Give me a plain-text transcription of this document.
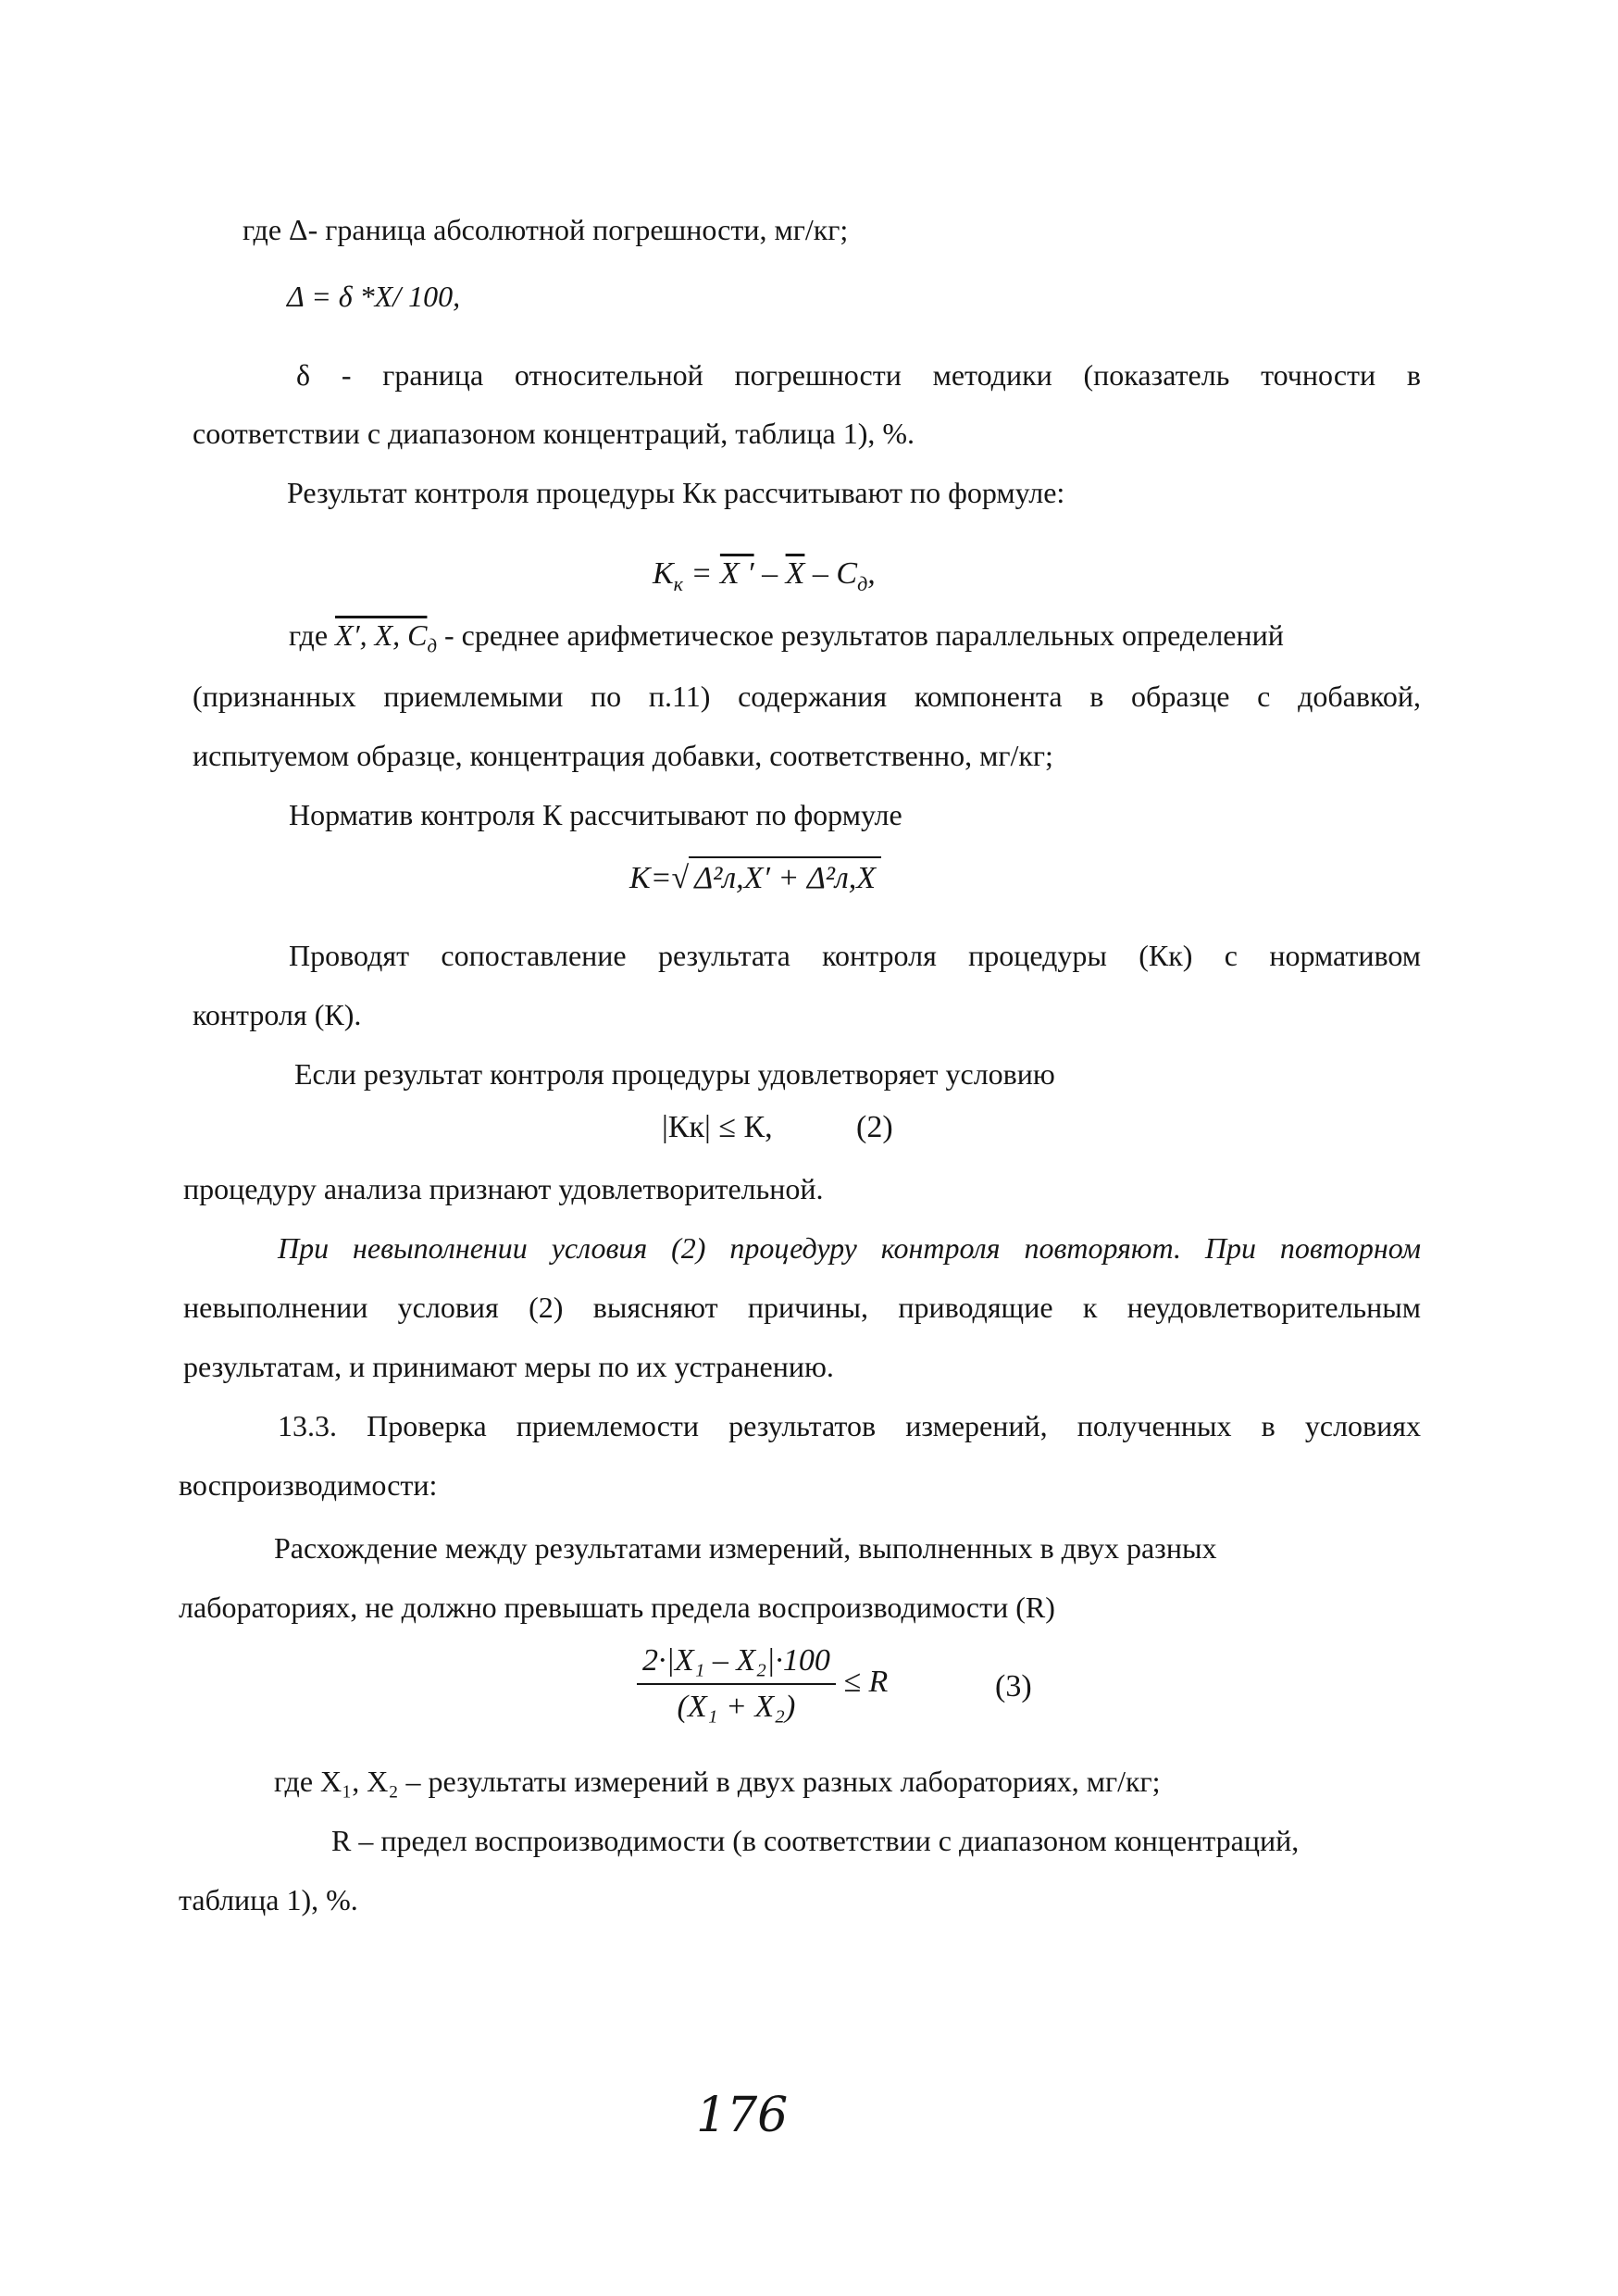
где Δ- граница абсолютной погрешности, мг/кг;
Δ = δ *X/ 100,
δ - граница относительной погрешности методики (показатель точности в
соответствии с диапазоном концентраций, таблица 1), %.
Результат контроля процедуры Кк рассчитывают по формуле:
$К_к = X$ ′ – $\overline{X} - C_д$,
где X′, X, $C_д$ - среднее арифметическое результатов параллельных определений
(признанных приемлемыми по п.11) содержания компонента в образце с добавкой,
испытуемом образце, концентрация добавки, соответственно, мг/кг;
Норматив контроля К рассчитывают по формуле
К=√ Δ²л,X′ + Δ²л,X
Проводят сопоставление результата контроля процедуры (Кк) с нормативом
контроля (К).
Если результат контроля процедуры удовлетворяет условию
|Кк| ≤ К,	(2)
процедуру анализа признают удовлетворительной.
При невыполнении условия (2) процедуру контроля повторяют. При повторном
невыполнении условия (2) выясняют причины, приводящие к неудовлетворительным
результатам, и принимают меры по их устранению.
13.3. Проверка приемлемости результатов измерений, полученных в условиях
воспроизводимости:
Расхождение между результатами измерений, выполненных в двух разных
лабораториях, не должно превышать предела воспроизводимости (R)
$\frac{\text{2·|X₁ – X₂|·100}}{\text{(X₁ + X₂)}} \le R$	(3)
где X₁, X₂ – результаты измерений в двух разных лабораториях, мг/кг;
R – предел воспроизводимости (в соответствии с диапазоном концентраций,
таблица 1), %.
176
